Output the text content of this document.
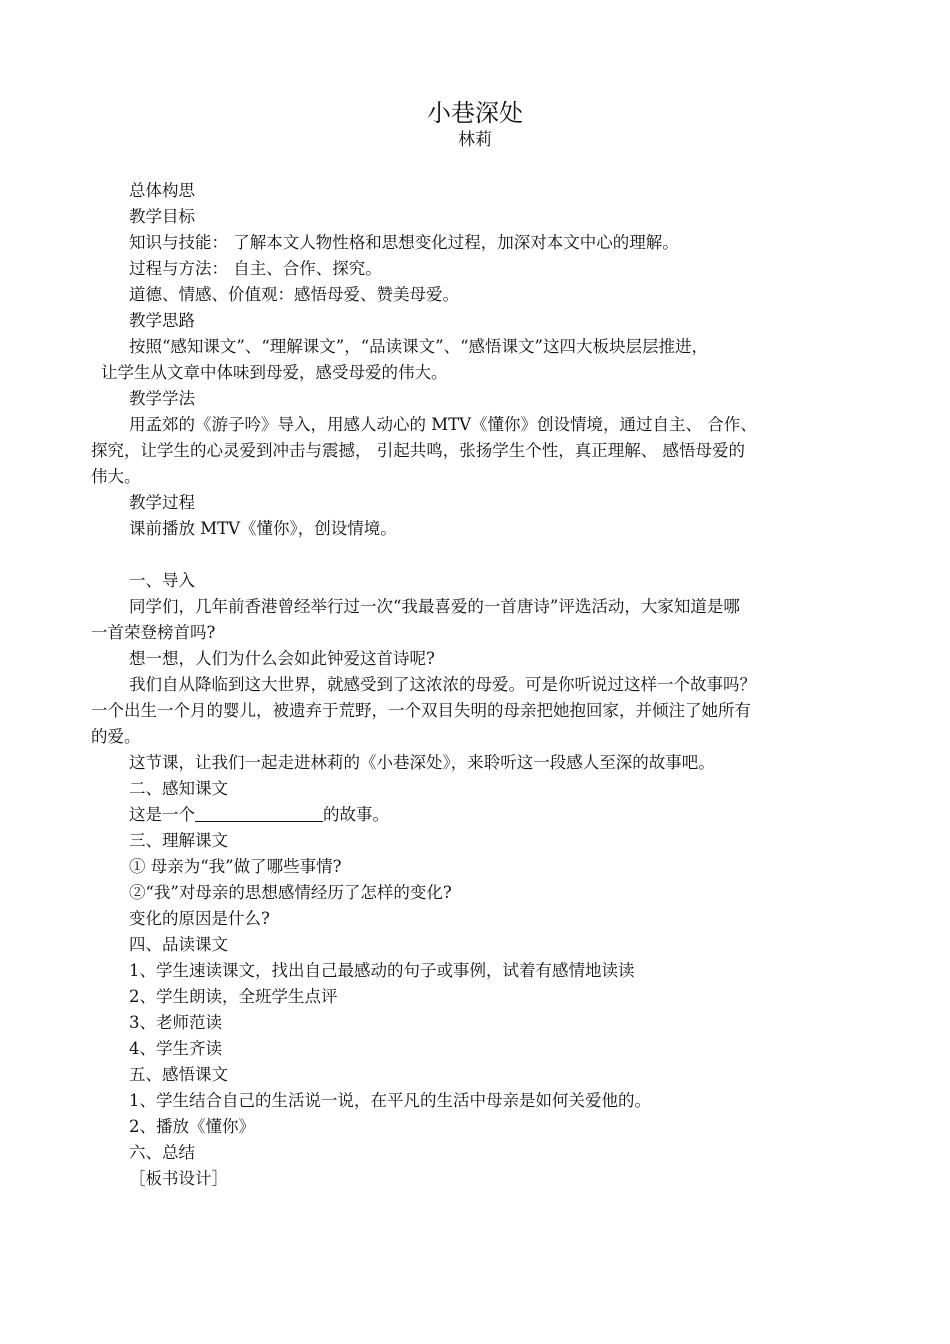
小巷深处
林莉

总体构思

教学目标

知识与技能： 了解本文人物性格和思想变化过程，加深对本文中心的理解。

过程与方法： 自主、合作、探究。

道德、情感、价值观：感悟母爱、赞美母爱。

教学思路

按照“感知课文”、“理解课文”，“品读课文”、“感悟课文”这四大板块层层推进，

让学生从文章中体味到母爱，感受母爱的伟大。

教学学法

用孟郊的《游子吟》导入，用感人动心的 MTV《懂你》创设情境，通过自主、 合作、

探究，让学生的心灵爱到冲击与震撼， 引起共鸣，张扬学生个性，真正理解、 感悟母爱的

伟大。

教学过程

课前播放 MTV《懂你》，创设情境。

一、导入

同学们，几年前香港曾经举行过一次“我最喜爱的一首唐诗”评选活动，大家知道是哪

一首荣登榜首吗?

想一想，人们为什么会如此钟爱这首诗呢?

我们自从降临到这大世界，就感受到了这浓浓的母爱。可是你听说过这样一个故事吗？

一个出生一个月的婴儿，被遗弃于荒野，一个双目失明的母亲把她抱回家，并倾注了她所有

的爱。

这节课，让我们一起走进林莉的《小巷深处》，来聆听这一段感人至深的故事吧。

二、感知课文

这是一个	的故事。

三、理解课文

① 母亲为“我”做了哪些事情?

②“我”对母亲的思想感情经历了怎样的变化?

变化的原因是什么?

四、品读课文

1、学生速读课文，找出自己最感动的句子或事例，试着有感情地读读

2、学生朗读，全班学生点评

3、老师范读

4、学生齐读

五、感悟课文

1、学生结合自己的生活说一说，在平凡的生活中母亲是如何关爱他的。

2、播放《懂你》

六、总结

［板书设计］
